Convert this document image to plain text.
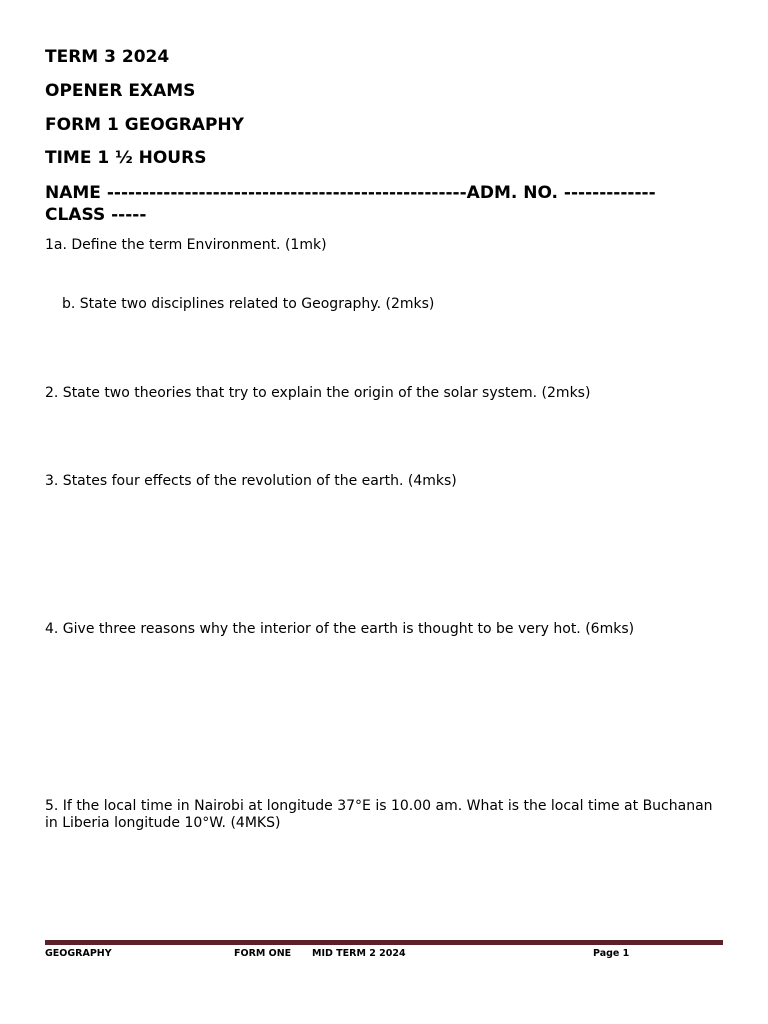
TERM 3 2024

OPENER EXAMS

FORM 1 GEOGRAPHY

TIME 1 ½ HOURS

NAME ---------------------------------------------------ADM. NO. -------------
CLASS -----

1a. Define the term Environment. (1mk)

b. State two disciplines related to Geography. (2mks)

2. State two theories that try to explain the origin of the solar system. (2mks)

3. States four effects of the revolution of the earth. (4mks)

4. Give three reasons why the interior of the earth is thought to be very hot. (6mks)

5. If the local time in Nairobi at longitude 37°E is 10.00 am. What is the local time at Buchanan in Liberia longitude 10°W. (4MKS)

GEOGRAPHY	FORM ONE MID TERM 2 2024	Page 1
